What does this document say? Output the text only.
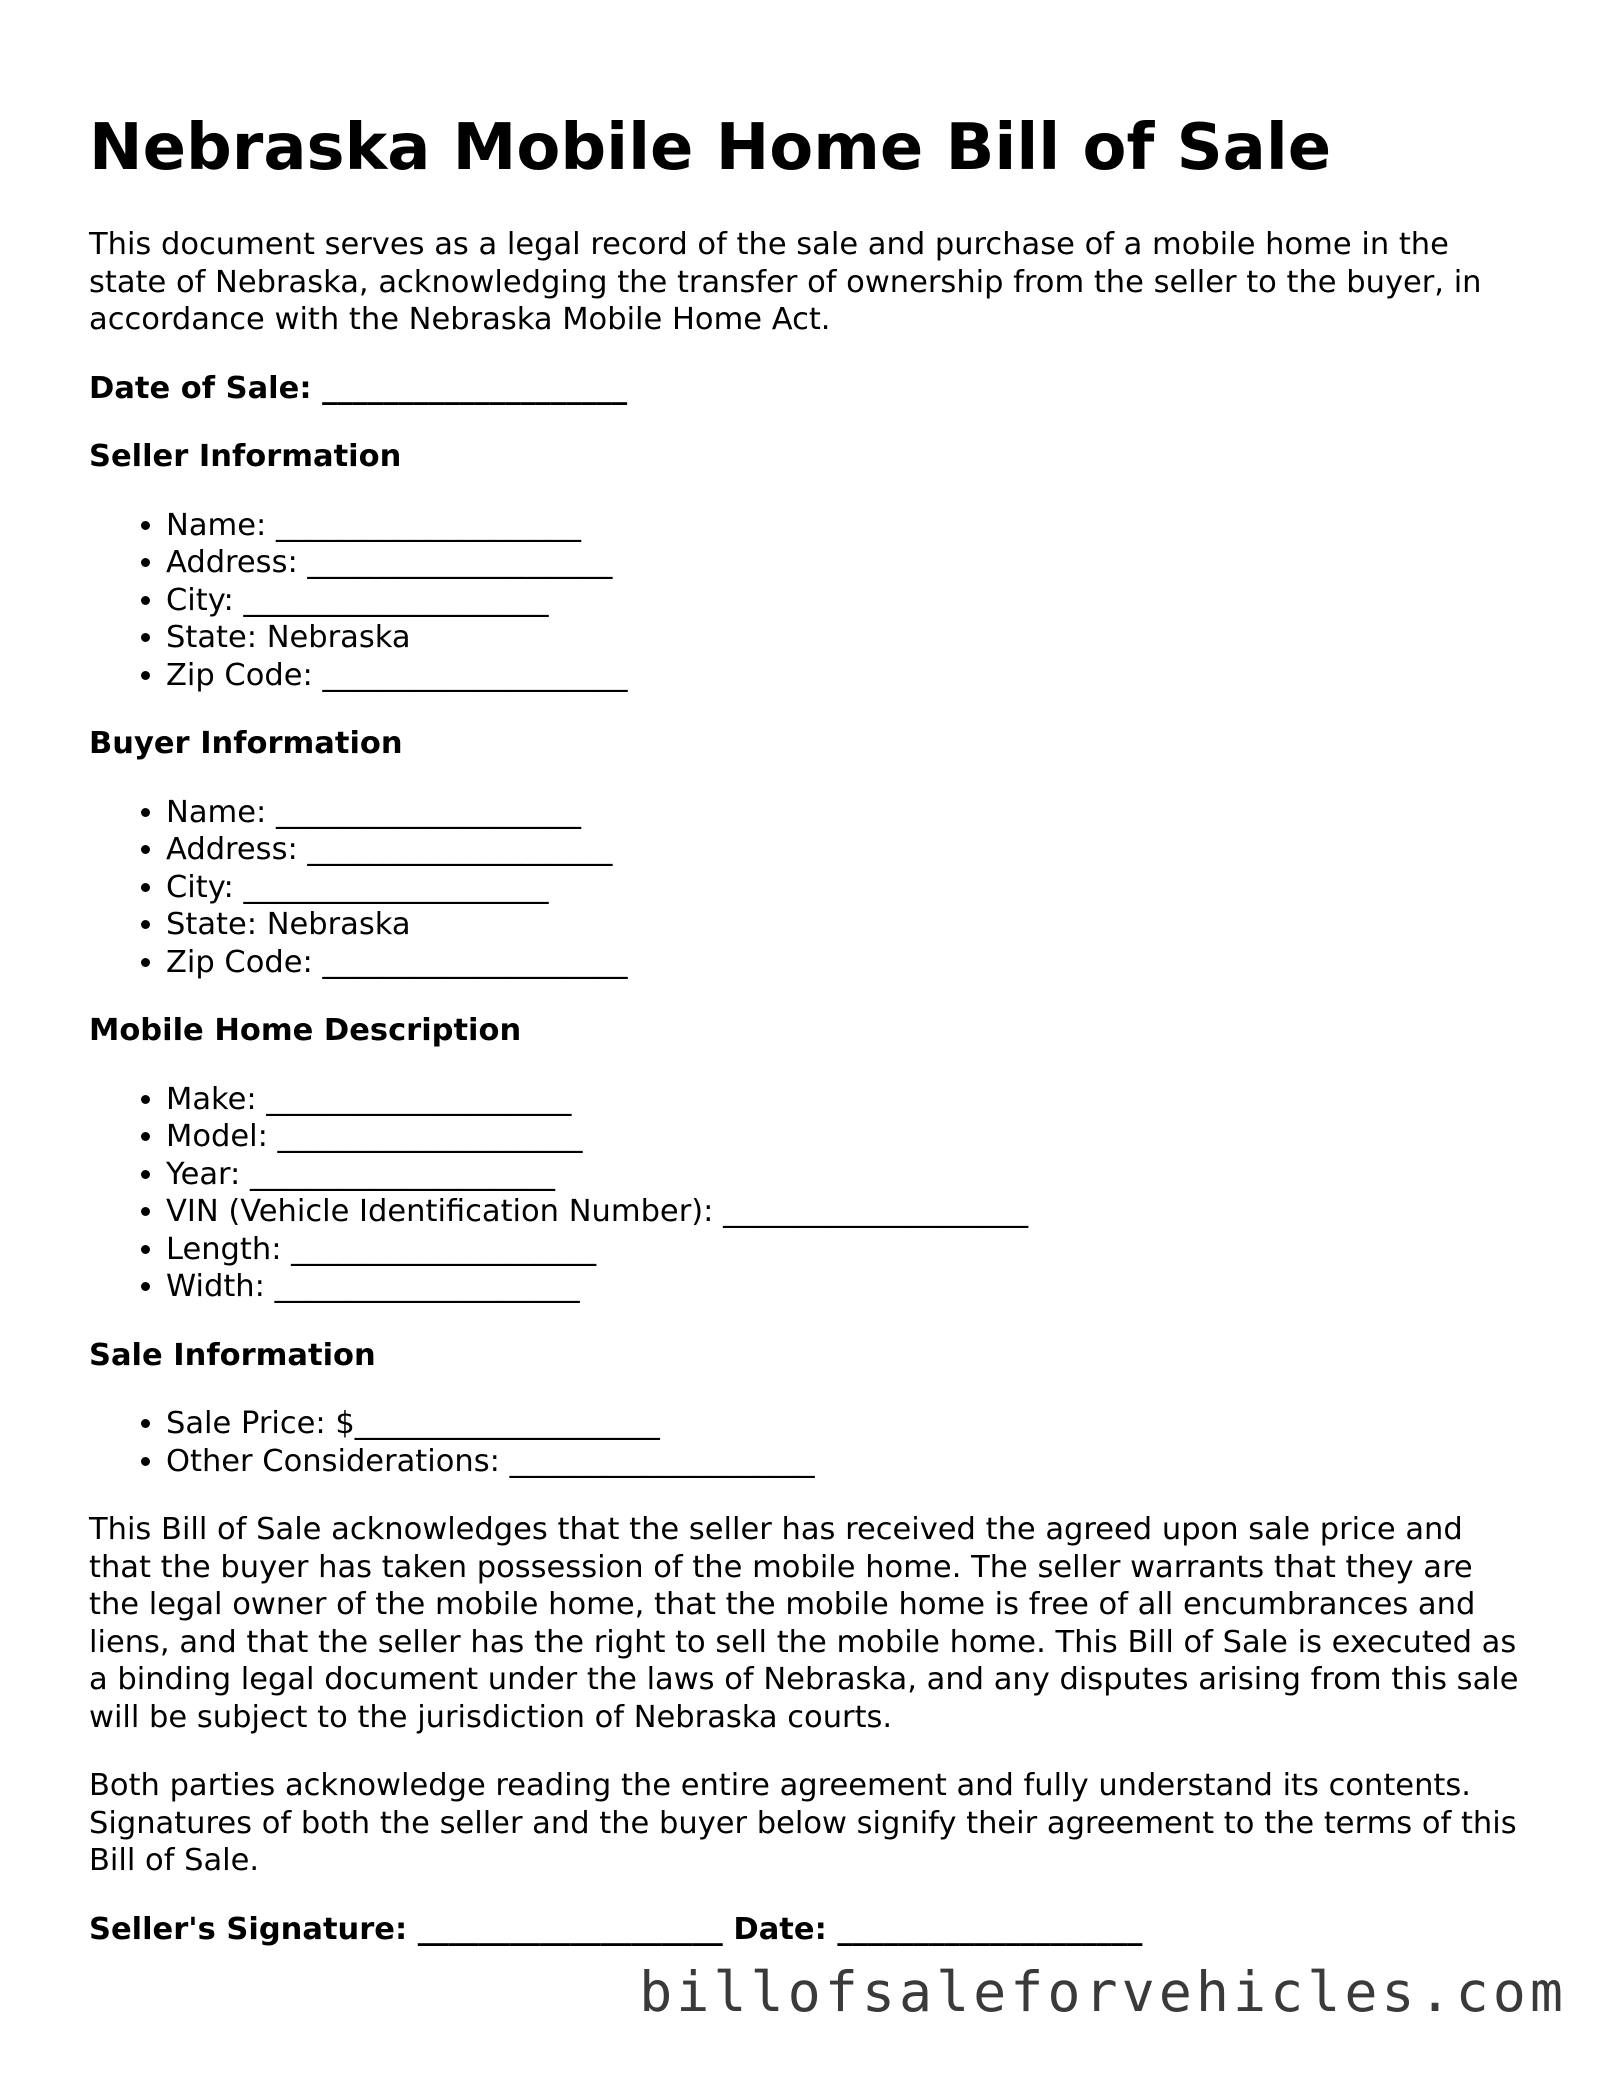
Nebraska Mobile Home Bill of Sale

This document serves as a legal record of the sale and purchase of a mobile home in the state of Nebraska, acknowledging the transfer of ownership from the seller to the buyer, in accordance with the Nebraska Mobile Home Act.

Date of Sale: ____________________
Seller Information
• Name: ____________________
• Address: ____________________
• City: ____________________
• State: Nebraska
• Zip Code: ____________________
Buyer Information
• Name: ____________________
• Address: ____________________
• City: ____________________
• State: Nebraska
• Zip Code: ____________________
Mobile Home Description
• Make: ____________________
• Model: ____________________
• Year: ____________________
• VIN (Vehicle Identification Number): ____________________
• Length: ____________________
• Width: ____________________
Sale Information
• Sale Price: $____________________
• Other Considerations: ____________________

This Bill of Sale acknowledges that the seller has received the agreed upon sale price and that the buyer has taken possession of the mobile home. The seller warrants that they are the legal owner of the mobile home, that the mobile home is free of all encumbrances and liens, and that the seller has the right to sell the mobile home. This Bill of Sale is executed as a binding legal document under the laws of Nebraska, and any disputes arising from this sale will be subject to the jurisdiction of Nebraska courts.

Both parties acknowledge reading the entire agreement and fully understand its contents. Signatures of both the seller and the buyer below signify their agreement to the terms of this Bill of Sale.

Seller's Signature: ____________________ Date: ____________________
billofsaleforvehicles.com
